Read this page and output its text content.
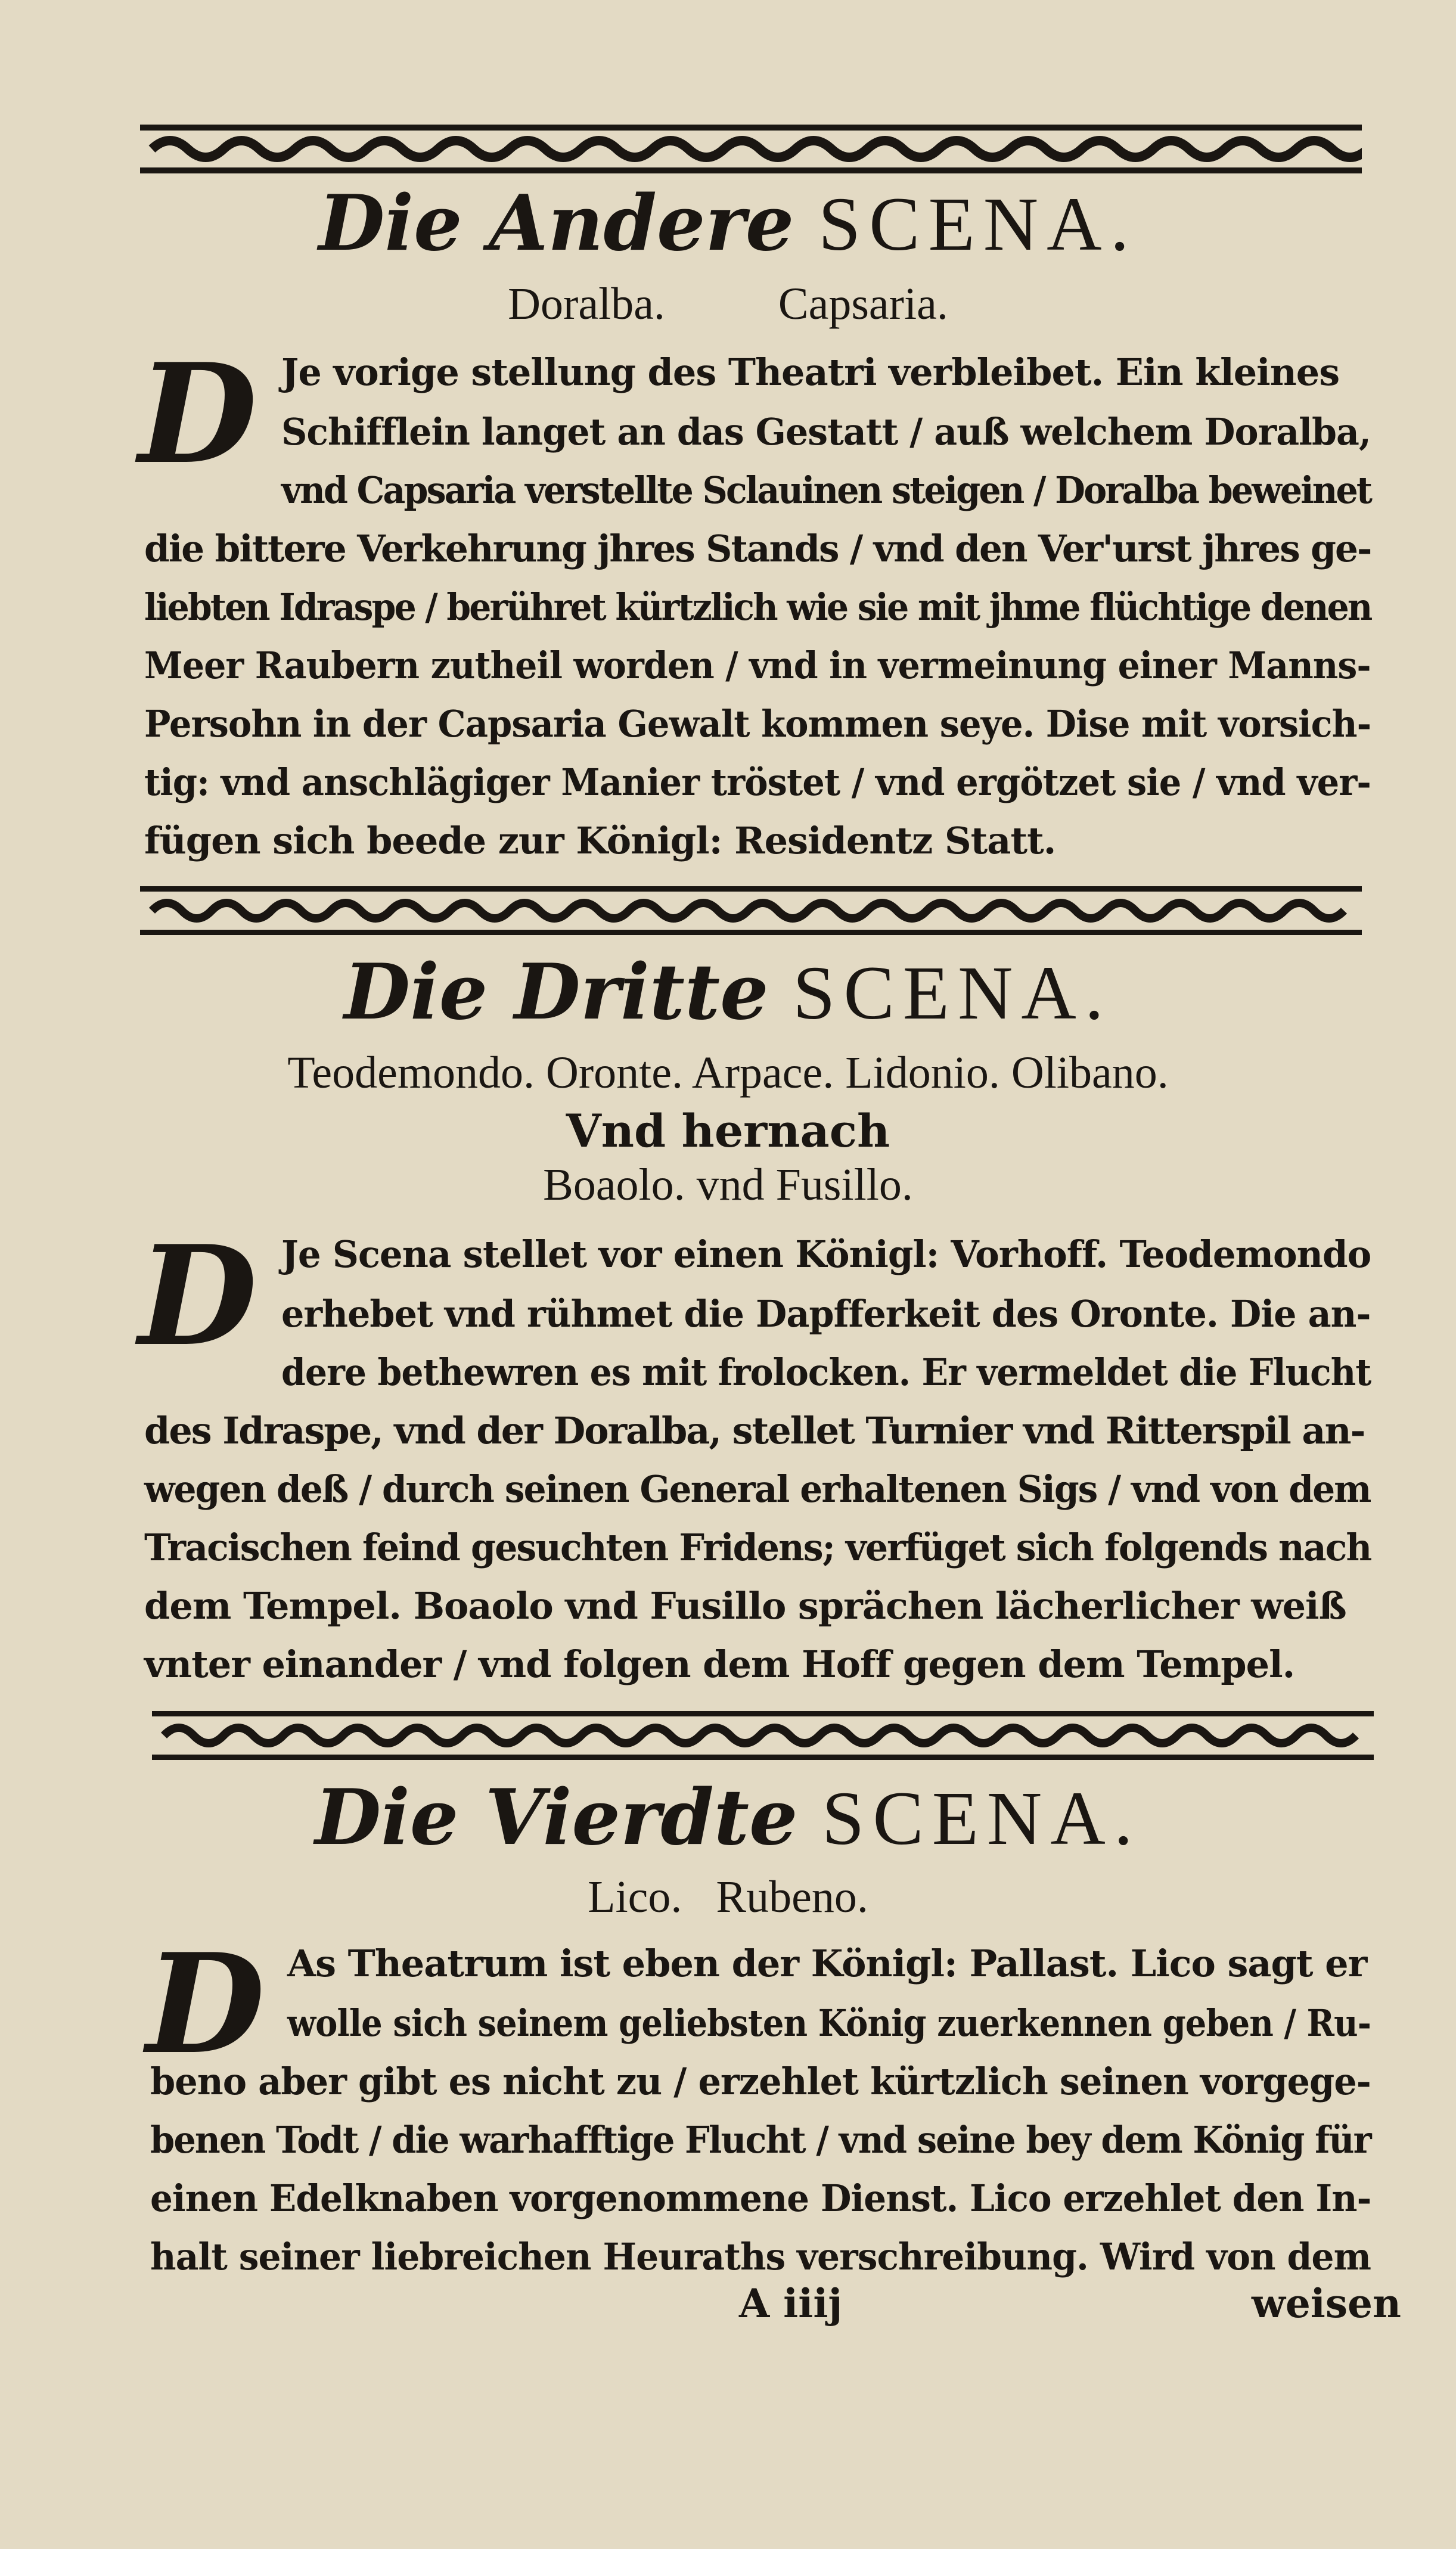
Die Andere SCENA.
Doralba.          Capsaria.
D Je vorige stellung des Theatri verbleibet. Ein kleines
Schifflein langet an das Gestatt / auß welchem Doralba,
vnd Capsaria verstellte Sclauinen steigen / Doralba beweinet
die bittere Verkehrung jhres Stands / vnd den Ver'urst jhres ge-
liebten Idraspe / berühret kürtzlich wie sie mit jhme flüchtige denen
Meer Raubern zutheil worden / vnd in vermeinung einer Manns-
Persohn in der Capsaria Gewalt kommen seye. Dise mit vorsich-
tig: vnd anschlägiger Manier tröstet / vnd ergötzet sie / vnd ver-
fügen sich beede zur Königl: Residentz Statt.
Die Dritte SCENA.
Teodemondo. Oronte. Arpace. Lidonio. Olibano.
Vnd hernach
Boaolo. vnd Fusillo.
D Je Scena stellet vor einen Königl: Vorhoff. Teodemondo
erhebet vnd rühmet die Dapfferkeit des Oronte. Die an-
dere bethewren es mit frolocken. Er vermeldet die Flucht
des Idraspe, vnd der Doralba, stellet Turnier vnd Ritterspil an-
wegen deß / durch seinen General erhaltenen Sigs / vnd von dem
Tracischen feind gesuchten Fridens; verfüget sich folgends nach
dem Tempel. Boaolo vnd Fusillo sprächen lächerlicher weiß
vnter einander / vnd folgen dem Hoff gegen dem Tempel.
Die Vierdte SCENA.
Lico.   Rubeno.
D As Theatrum ist eben der Königl: Pallast. Lico sagt er
wolle sich seinem geliebsten König zuerkennen geben / Ru-
beno aber gibt es nicht zu / erzehlet kürtzlich seinen vorgege-
benen Todt / die warhafftige Flucht / vnd seine bey dem König für
einen Edelknaben vorgenommene Dienst. Lico erzehlet den In-
halt seiner liebreichen Heuraths verschreibung. Wird von dem
A iiij	weisen
